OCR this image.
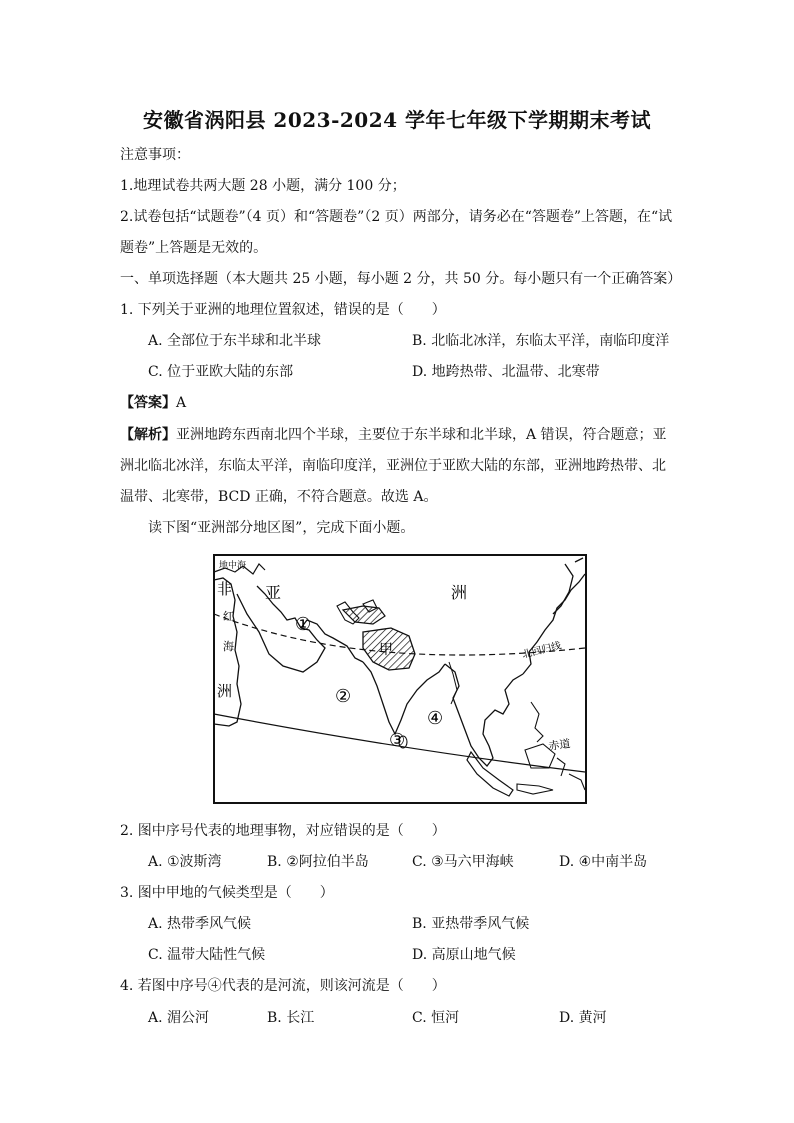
安徽省涡阳县 2023-2024 学年七年级下学期期末考试
注意事项：
1.地理试卷共两大题 28 小题，满分 100 分；
2.试卷包括“试题卷”（4 页）和“答题卷”（2 页）两部分，请务必在“答题卷”上答题，在“试
题卷”上答题是无效的。
一、单项选择题（本大题共 25 小题，每小题 2 分，共 50 分。每小题只有一个正确答案）
1. 下列关于亚洲的地理位置叙述，错误的是（　　）
A. 全部位于东半球和北半球	B. 北临北冰洋，东临太平洋，南临印度洋
C. 位于亚欧大陆的东部	D. 地跨热带、北温带、北寒带
【答案】A
【解析】亚洲地跨东西南北四个半球，主要位于东半球和北半球，A 错误，符合题意；亚
洲北临北冰洋，东临太平洋，南临印度洋，亚洲位于亚欧大陆的东部，亚洲地跨热带、北
温带、北寒带，BCD 正确，不符合题意。故选 A。
读下图“亚洲部分地区图”，完成下面小题。
地中海
非
红
海
洲
亚	洲
甲	北回归线
赤道
①
②
③
④
2. 图中序号代表的地理事物，对应错误的是（　　）
A. ①波斯湾	B. ②阿拉伯半岛	C. ③马六甲海峡	D. ④中南半岛
3. 图中甲地的气候类型是（　　）
A. 热带季风气候	B. 亚热带季风气候
C. 温带大陆性气候	D. 高原山地气候
4. 若图中序号④代表的是河流，则该河流是（　　）
A. 湄公河	B. 长江	C. 恒河	D. 黄河
